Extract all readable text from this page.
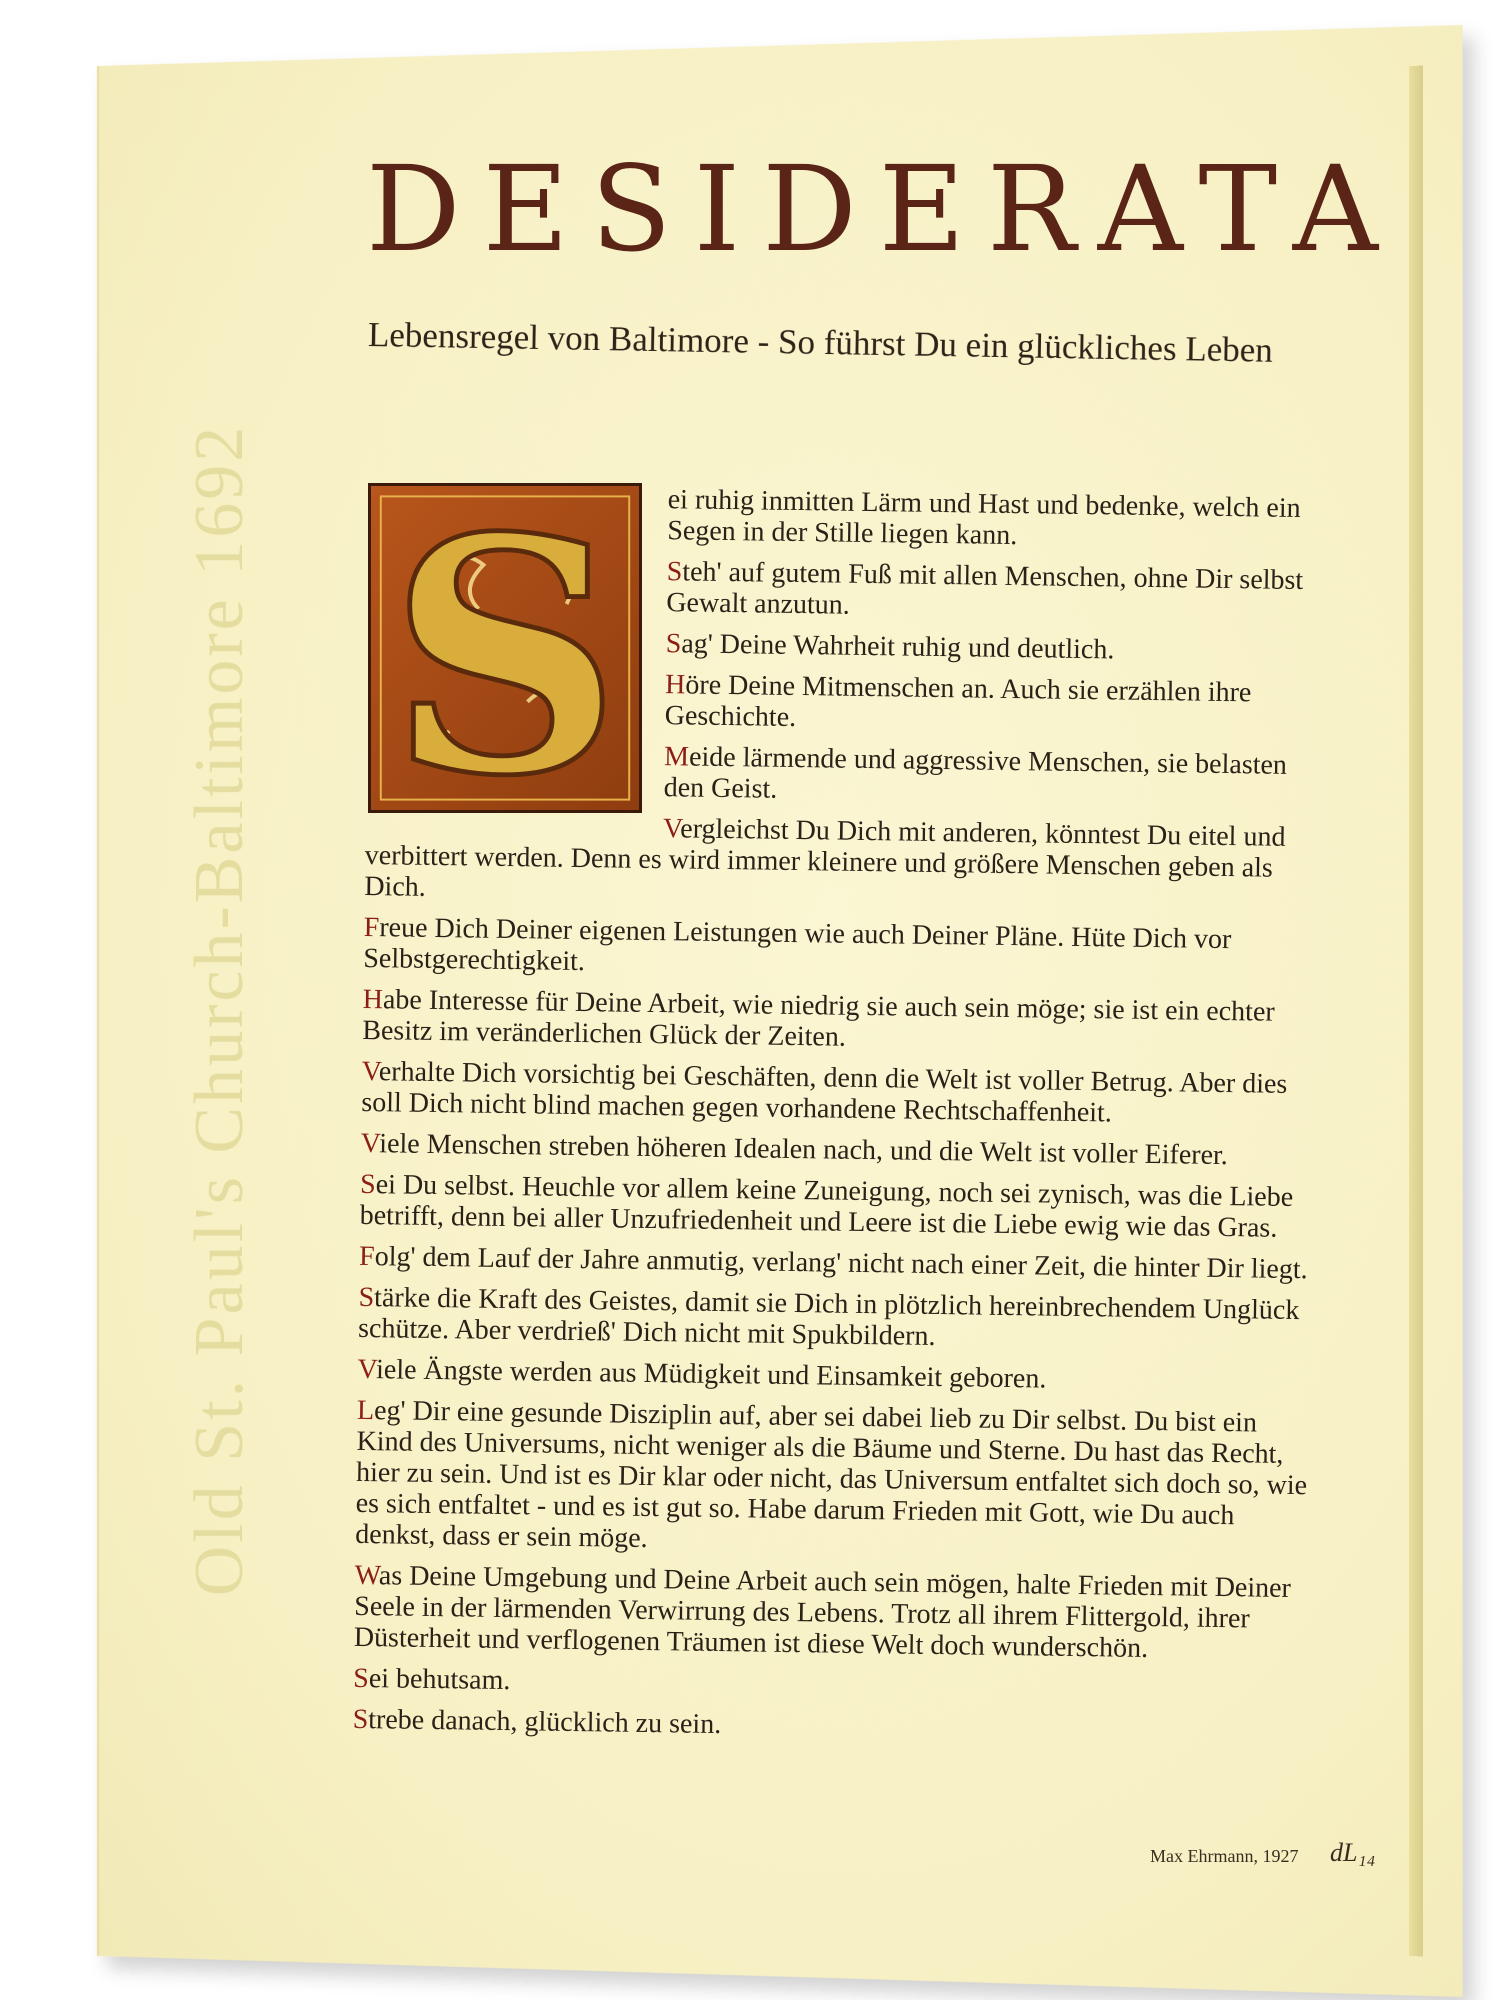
Old St. Paul's Church-Baltimore 1692
DESIDERATA
Lebensregel von Baltimore - So führst Du ein glückliches Leben

ei ruhig inmitten Lärm und Hast und bedenke, welch ein Segen in der Stille liegen kann.

Steh' auf gutem Fuß mit allen Menschen, ohne Dir selbst Gewalt anzutun.

Sag' Deine Wahrheit ruhig und deutlich.

Höre Deine Mitmenschen an. Auch sie erzählen ihre Geschichte.

Meide lärmende und aggressive Menschen, sie belasten den Geist.

Vergleichst Du Dich mit anderen, könntest Du eitel und verbittert werden. Denn es wird immer kleinere und größere Menschen geben als Dich.

Freue Dich Deiner eigenen Leistungen wie auch Deiner Pläne. Hüte Dich vor Selbstgerechtigkeit.

Habe Interesse für Deine Arbeit, wie niedrig sie auch sein möge; sie ist ein echter Besitz im veränderlichen Glück der Zeiten.

Verhalte Dich vorsichtig bei Geschäften, denn die Welt ist voller Betrug. Aber dies soll Dich nicht blind machen gegen vorhandene Rechtschaffenheit.

Viele Menschen streben höheren Idealen nach, und die Welt ist voller Eiferer.

Sei Du selbst. Heuchle vor allem keine Zuneigung, noch sei zynisch, was die Liebe betrifft, denn bei aller Unzufriedenheit und Leere ist die Liebe ewig wie das Gras.

Folg' dem Lauf der Jahre anmutig, verlang' nicht nach einer Zeit, die hinter Dir liegt.

Stärke die Kraft des Geistes, damit sie Dich in plötzlich hereinbrechendem Unglück schütze. Aber verdrieß' Dich nicht mit Spukbildern.

Viele Ängste werden aus Müdigkeit und Einsamkeit geboren.

Leg' Dir eine gesunde Disziplin auf, aber sei dabei lieb zu Dir selbst. Du bist ein Kind des Universums, nicht weniger als die Bäume und Sterne. Du hast das Recht, hier zu sein. Und ist es Dir klar oder nicht, das Universum entfaltet sich doch so, wie es sich entfaltet - und es ist gut so. Habe darum Frieden mit Gott, wie Du auch denkst, dass er sein möge.

Was Deine Umgebung und Deine Arbeit auch sein mögen, halte Frieden mit Deiner Seele in der lärmenden Verwirrung des Lebens. Trotz all ihrem Flittergold, ihrer Düsterheit und verflogenen Träumen ist diese Welt doch wunderschön.

Sei behutsam.

Strebe danach, glücklich zu sein.

S
Max Ehrmann, 1927 dL₁₄
